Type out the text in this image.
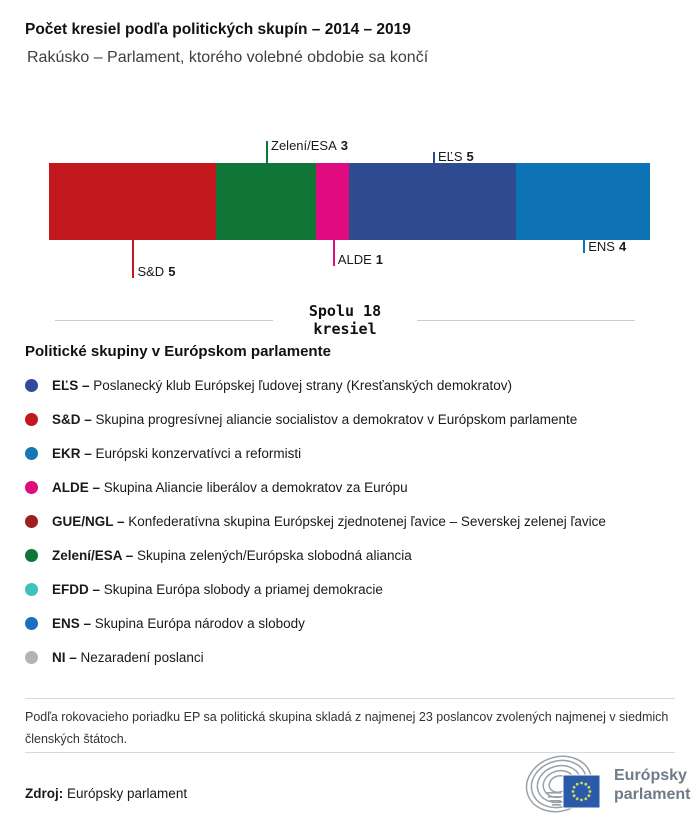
Počet kresiel podľa politických skupín – 2014 – 2019
Rakúsko – Parlament, ktorého volebné obdobie sa končí
S&D 5
Zelení/ESA 3
ALDE 1
EĽS 5
ENS 4
Spolu 18
kresiel
Politické skupiny v Európskom parlamente
EĽS – Poslanecký klub Európskej ľudovej strany (Kresťanských demokratov)
S&D – Skupina progresívnej aliancie socialistov a demokratov v Európskom parlamente
EKR – Európski konzervatívci a reformisti
ALDE – Skupina Aliancie liberálov a demokratov za Európu
GUE/NGL – Konfederatívna skupina Európskej zjednotenej ľavice – Severskej zelenej ľavice
Zelení/ESA – Skupina zelených/Európska slobodná aliancia
EFDD – Skupina Európa slobody a priamej demokracie
ENS – Skupina Európa národov a slobody
NI – Nezaradení poslanci
Podľa rokovacieho poriadku EP sa politická skupina skladá z najmenej 23 poslancov zvolených najmenej v siedmich členských štátoch.
Zdroj: Európsky parlament
Európsky
parlament
